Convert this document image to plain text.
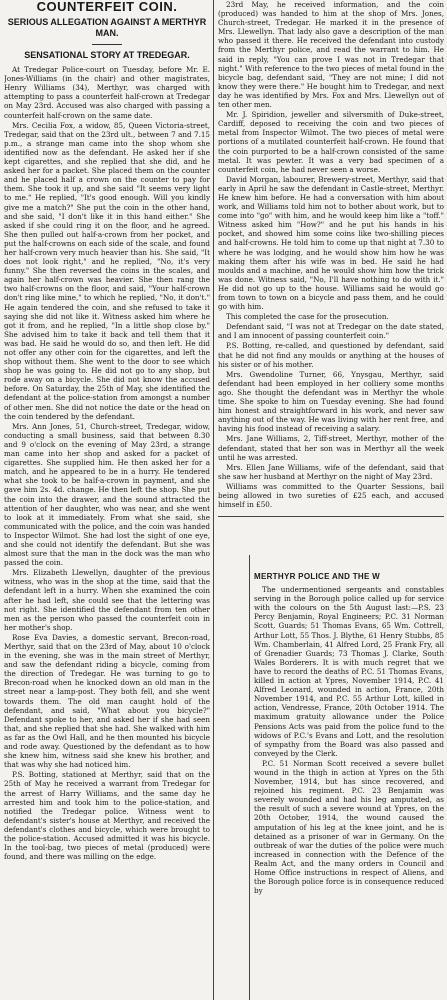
COUNTERFEIT COIN.
SERIOUS ALLEGATION AGAINST A MERTHYR MAN.
SENSATIONAL STORY AT TREDEGAR.

At Tredegar Police-court on Tuesday, before Mr. E. Jones-Williams (in the chair) and other magistrates, Henry Williams (34), Merthyr, was charged with attempting to pass a counterfeit half-crown at Tredegar on May 23rd. Accused was also charged with passing a counterfeit half-crown on the same date.

Mrs. Cecilia Fox, a widow, 85, Queen Victoria-street, Tredegar, said that on the 23rd ult., between 7 and 7.15 p.m., a strange man came into the shop whom she identified now as the defendant. He asked her if she kept cigarettes, and she replied that she did, and he asked her for a packet. She placed them on the counter and he placed half a crown on the counter to pay for them. She took it up, and she said "It seems very light to me." He replied, "It's good enough. Will you kindly give me a match?" She put the coin in the other hand, and she said, "I don't like it in this hand either." She asked if she could ring it on the floor, and he agreed. She then pulled out half-a-crown from her pocket, and put the half-crowns on each side of the scale, and found her half-crown very much heavier than his. She said, "It does not look right," and he replied, "No, it's very funny." She then reversed the coins in the scales, and again her half-crown was heavier. She then rang the two half-crowns on the floor, and said, "Your half-crown don't ring like mine," to which he replied, "No, it don't." He again tendered the coin, and she refused to take it saying she did not like it. Witness asked him where he got it from, and he replied, "In a little shop close by." She advised him to take it back and tell them that it was bad. He said he would do so, and then left. He did not offer any other coin for the cigarettes, and left the shop without them. She went to the door to see which shop he was going to. He did not go to any shop, but rode away on a bicycle. She did not know the accused before. On Saturday, the 25th of May, she identified the defendant at the police-station from amongst a number of other men. She did not notice the date or the head on the coin tendered by the defendant.

Mrs. Ann Jones, 51, Church-street, Tredegar, widow, conducting a small business, said that between 8.30 and 9 o'clock on the evening of May 23rd, a strange man came into her shop and asked for a packet of cigarettes. She supplied him. He then asked her for a match, and he appeared to be in a hurry. He tendered what she took to be half-a-crown in payment, and she gave him 2s. 4d. change. He then left the shop. She put the coin into the drawer, and the sound attracted the attention of her daughter, who was near, and she went to look at it immediately. From what she said, she communicated with the police, and the coin was handed to Inspector Wilmot. She had lost the sight of one eye, and she could not identify the defendant. But she was almost sure that the man in the dock was the man who passed the coin.

Mrs. Elizabeth Llewellyn, daughter of the previous witness, who was in the shop at the time, said that the defendant left in a hurry. When she examined the coin after he had left, she could see that the lettering was not right. She identified the defendant from ten other men as the person who passed the counterfeit coin in her mother's shop.

Rose Eva Davies, a domestic servant, Brecon-road, Merthyr, said that on the 23rd of May, about 10 o'clock in the evening, she was in the main street of Merthyr, and saw the defendant riding a bicycle, coming from the direction of Tredegar. He was turning to go to Brecon-road when he knocked down an old man in the street near a lamp-post. They both fell, and she went towards them. The old man caught hold of the defendant, and said, "What about you bicycle?" Defendant spoke to her, and asked her if she had seen that, and she replied that she had. She walked with him as far as the Owl Hall, and he then mounted his bicycle and rode away. Questioned by the defendant as to how she knew him, witness said she knew his brother, and that was why she had noticed him.

P.S. Botting, stationed at Merthyr, said that on the 25th of May he received a warrant from Tredegar for the arrest of Harry Williams, and the same day he arrested him and took him to the police-station, and notified the Tredegar police. Witness went to defendant's sister's house at Merthyr, and received the defendant's clothes and bicycle, which were brought to the police-station. Accused admitted it was his bicycle. In the tool-bag, two pieces of metal (produced) were found, and there was milling on the edge.

23rd May, he received information, and the coin (produced) was handed to him at the shop of Mrs. Jones, Church-street, Tredegar. He marked it in the presence of Mrs. Llewellyn. That lady also gave a description of the man who passed it there. He received the defendant into custody from the Merthyr police, and read the warrant to him. He said in reply, "You can prove I was not in Tredegar that night." With reference to the two pieces of metal found in the bicycle bag, defendant said, "They are not mine; I did not know they were there." He bought him to Tredegar, and next day he was identified by Mrs. Fox and Mrs. Llewellyn out of ten other men.

Mr. J. Spiridion, jeweller and silversmith of Duke-street, Cardiff, deposed to receiving the coin and two pieces of metal from Inspector Wilmot. The two pieces of metal were portions of a mutilated counterfeit half-crown. He found that the coin purported to be a half-crown consisted of the same metal. It was pewter. It was a very bad specimen of a counterfeit coin, he had never seen a worse.

David Morgan, labourer, Brewery-street, Merthyr, said that early in April he saw the defendant in Castle-street, Merthyr. He knew him before. He had a conversation with him about work, and Williams told him not to bother about work, but to come into "go" with him, and he would keep him like a "toff." Witness asked him "How?" and he put his hands in his pocket, and showed him some coins like two-shilling pieces and half-crowns. He told him to come up that night at 7.30 to where he was lodging, and he would show him how he was making them after his wife was in bed. He said he had moulds and a machine, and he would show him how the trick was done. Witness said, "No, I'll have nothing to do with it." He did not go up to the house. Williams said he would go from town to town on a bicycle and pass them, and he could go with him.

This completed the case for the prosecution.

Defendant said, "I was not at Tredegar on the date stated, and I am innocent of passing counterfeit coin."

P.S. Botting, re-called, and questioned by defendant, said that he did not find any moulds or anything at the houses of his sister or of his mother.

Mrs. Gwendoline Turner, 66, Ynysgau, Merthyr, said defendant had been employed in her colliery some months ago. She thought the defendant was in Merthyr the whole time. She spoke to him on Tuesday evening. She had found him honest and straightforward in his work, and never saw anything out of the way. He was living with her rent free, and having his food instead of receiving a salary.

Mrs. Jane Williams, 2, Tiff-street, Merthyr, mother of the defendant, stated that her son was in Merthyr all the week until he was arrested.

Mrs. Ellen Jane Williams, wife of the defendant, said that she saw her husband at Merthyr on the night of May 23rd.

Williams was committed to the Quarter Sessions, bail being allowed in two sureties of £25 each, and accused himself in £50.

MERTHYR POLICE AND THE W

The undermentioned sergeants and constables serving in the Borough police called up for service with the colours on the 5th August last:—P.S. 23 Percy Benjamin, Royal Engineers; P.C. 31 Norman Scott, Guards; 51 Thomas Evans, 65 Wm. Cottrell, Arthur Lott, 55 Thos. J. Blythe, 61 Henry Stubbs, 85 Wm. Chamberlain, 41 Alfred Lord, 25 Frank Fry, all of Grenadier Guards; 73 Thomas J. Clarke, South Wales Borderers. It is with much regret that we have to record the deaths of P.C. 51 Thomas Evans, killed in action at Ypres, November 1914, P.C. 41 Alfred Leonard, wounded in action, France, 20th November 1914, and P.C. 55 Arthur Lott, killed in action, Vendresse, France, 20th October 1914. The maximum gratuity allowance under the Police Pensions Acts was paid from the police fund to the widows of P.C.'s Evans and Lott, and the resolution of sympathy from the Board was also passed and conveyed by the Clerk.

P.C. 51 Norman Scott received a severe bullet wound in the thigh in action at Ypres on the 5th November, 1914, but has since recovered, and rejoined his regiment. P.C. 23 Benjamin was severely wounded and had his leg amputated, as the result of such a severe wound at Ypres, on the 20th October, 1914, the wound caused the amputation of his leg at the knee joint, and he is detained as a prisoner of war in Germany. On the outbreak of war the duties of the police were much increased in connection with the Defence of the Realm Act, and the many orders in Council and Home Office instructions in respect of Aliens, and the Borough police force is in consequence reduced by
